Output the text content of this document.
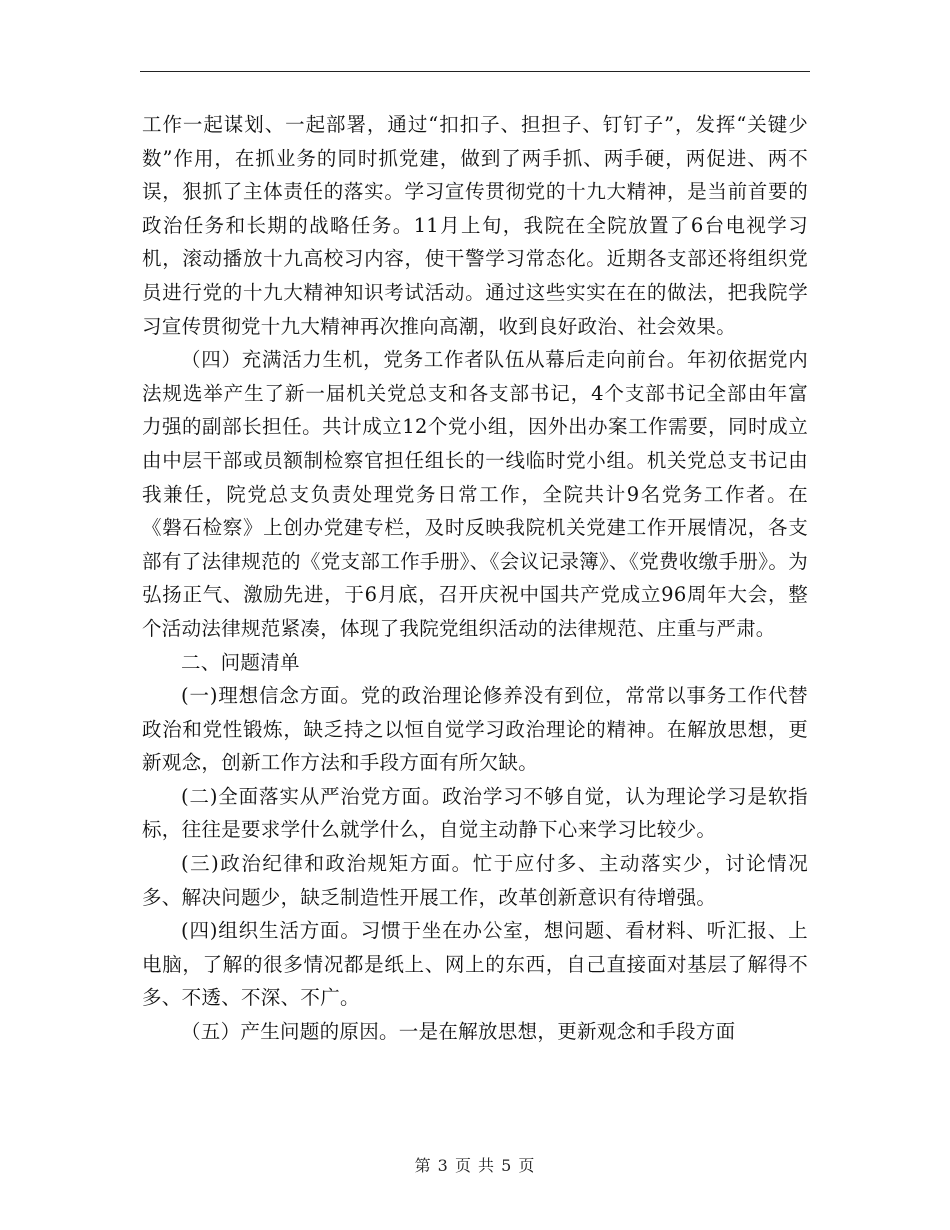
工作一起谋划、一起部署，通过“扣扣子、担担子、钉钉子”，发挥“关键少数”作用，在抓业务的同时抓党建，做到了两手抓、两手硬，两促进、两不误，狠抓了主体责任的落实。学习宣传贯彻党的十九大精神，是当前首要的政治任务和长期的战略任务。11月上旬，我院在全院放置了6台电视学习机，滚动播放十九高校习内容，使干警学习常态化。近期各支部还将组织党员进行党的十九大精神知识考试活动。通过这些实实在在的做法，把我院学习宣传贯彻党十九大精神再次推向高潮，收到良好政治、社会效果。

（四）充满活力生机，党务工作者队伍从幕后走向前台。年初依据党内法规选举产生了新一届机关党总支和各支部书记，4个支部书记全部由年富力强的副部长担任。共计成立12个党小组，因外出办案工作需要，同时成立由中层干部或员额制检察官担任组长的一线临时党小组。机关党总支书记由我兼任，院党总支负责处理党务日常工作，全院共计9名党务工作者。在《磐石检察》上创办党建专栏，及时反映我院机关党建工作开展情况，各支部有了法律规范的《党支部工作手册》、《会议记录簿》、《党费收缴手册》。为弘扬正气、激励先进，于6月底，召开庆祝中国共产党成立96周年大会，整个活动法律规范紧凑，体现了我院党组织活动的法律规范、庄重与严肃。

二、问题清单

(一)理想信念方面。党的政治理论修养没有到位，常常以事务工作代替政治和党性锻炼，缺乏持之以恒自觉学习政治理论的精神。在解放思想，更新观念，创新工作方法和手段方面有所欠缺。

(二)全面落实从严治党方面。政治学习不够自觉，认为理论学习是软指标，往往是要求学什么就学什么，自觉主动静下心来学习比较少。

(三)政治纪律和政治规矩方面。忙于应付多、主动落实少，讨论情况多、解决问题少，缺乏制造性开展工作，改革创新意识有待增强。

(四)组织生活方面。习惯于坐在办公室，想问题、看材料、听汇报、上电脑，了解的很多情况都是纸上、网上的东西，自己直接面对基层了解得不多、不透、不深、不广。

（五）产生问题的原因。一是在解放思想，更新观念和手段方面

第 3 页 共 5 页
